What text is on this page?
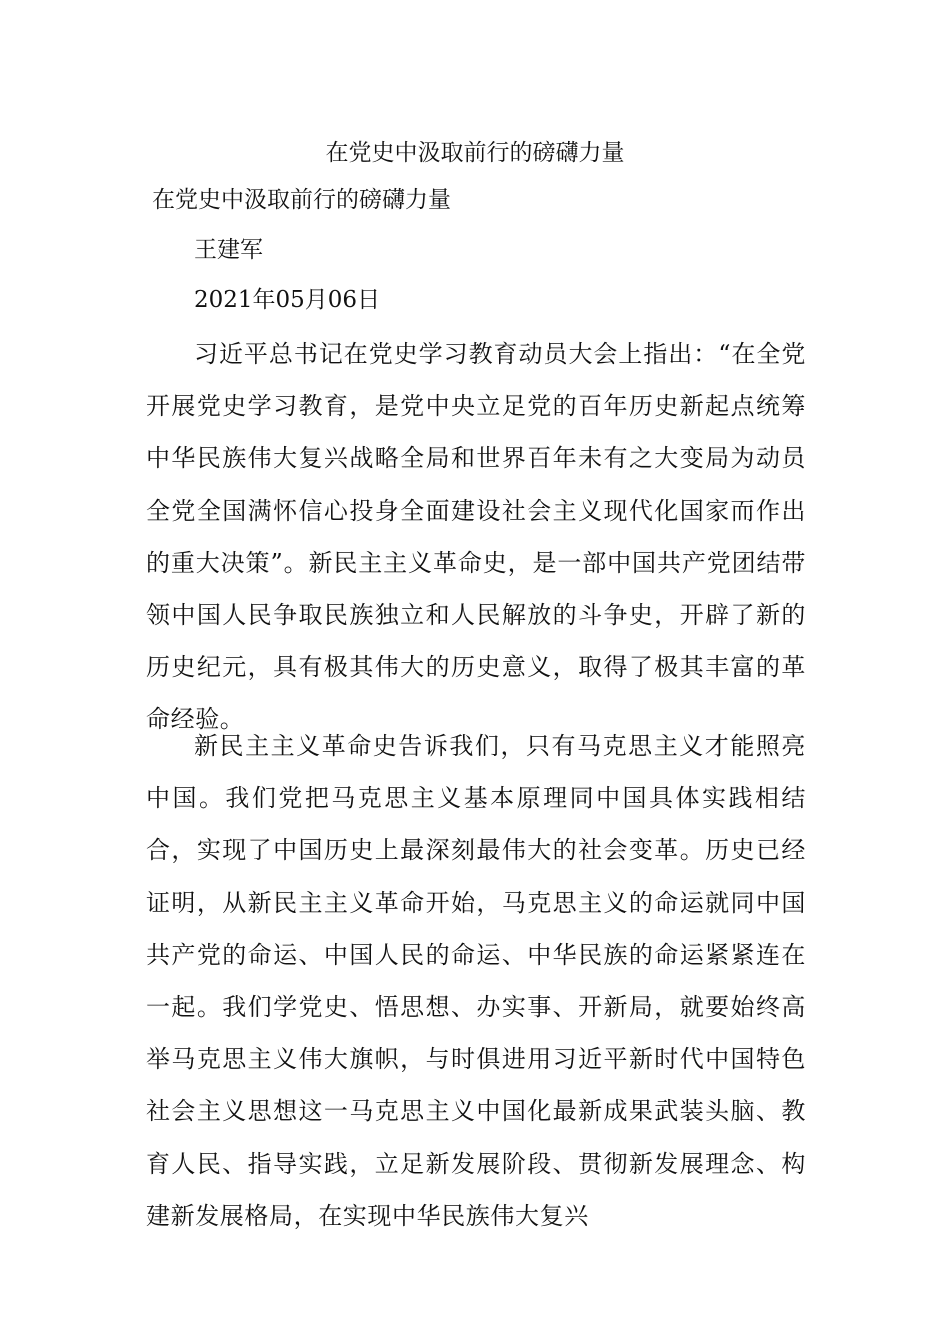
在党史中汲取前行的磅礴力量
在党史中汲取前行的磅礴力量
王建军
2021年05月06日

习近平总书记在党史学习教育动员大会上指出：“在全党开展党史学习教育，是党中央立足党的百年历史新起点统筹中华民族伟大复兴战略全局和世界百年未有之大变局为动员全党全国满怀信心投身全面建设社会主义现代化国家而作出的重大决策”。新民主主义革命史，是一部中国共产党团结带领中国人民争取民族独立和人民解放的斗争史，开辟了新的历史纪元，具有极其伟大的历史意义，取得了极其丰富的革命经验。

新民主主义革命史告诉我们，只有马克思主义才能照亮中国。我们党把马克思主义基本原理同中国具体实践相结合，实现了中国历史上最深刻最伟大的社会变革。历史已经证明，从新民主主义革命开始，马克思主义的命运就同中国共产党的命运、中国人民的命运、中华民族的命运紧紧连在一起。我们学党史、悟思想、办实事、开新局，就要始终高举马克思主义伟大旗帜，与时俱进用习近平新时代中国特色社会主义思想这一马克思主义中国化最新成果武装头脑、教育人民、指导实践，立足新发展阶段、贯彻新发展理念、构建新发展格局，在实现中华民族伟大复兴
